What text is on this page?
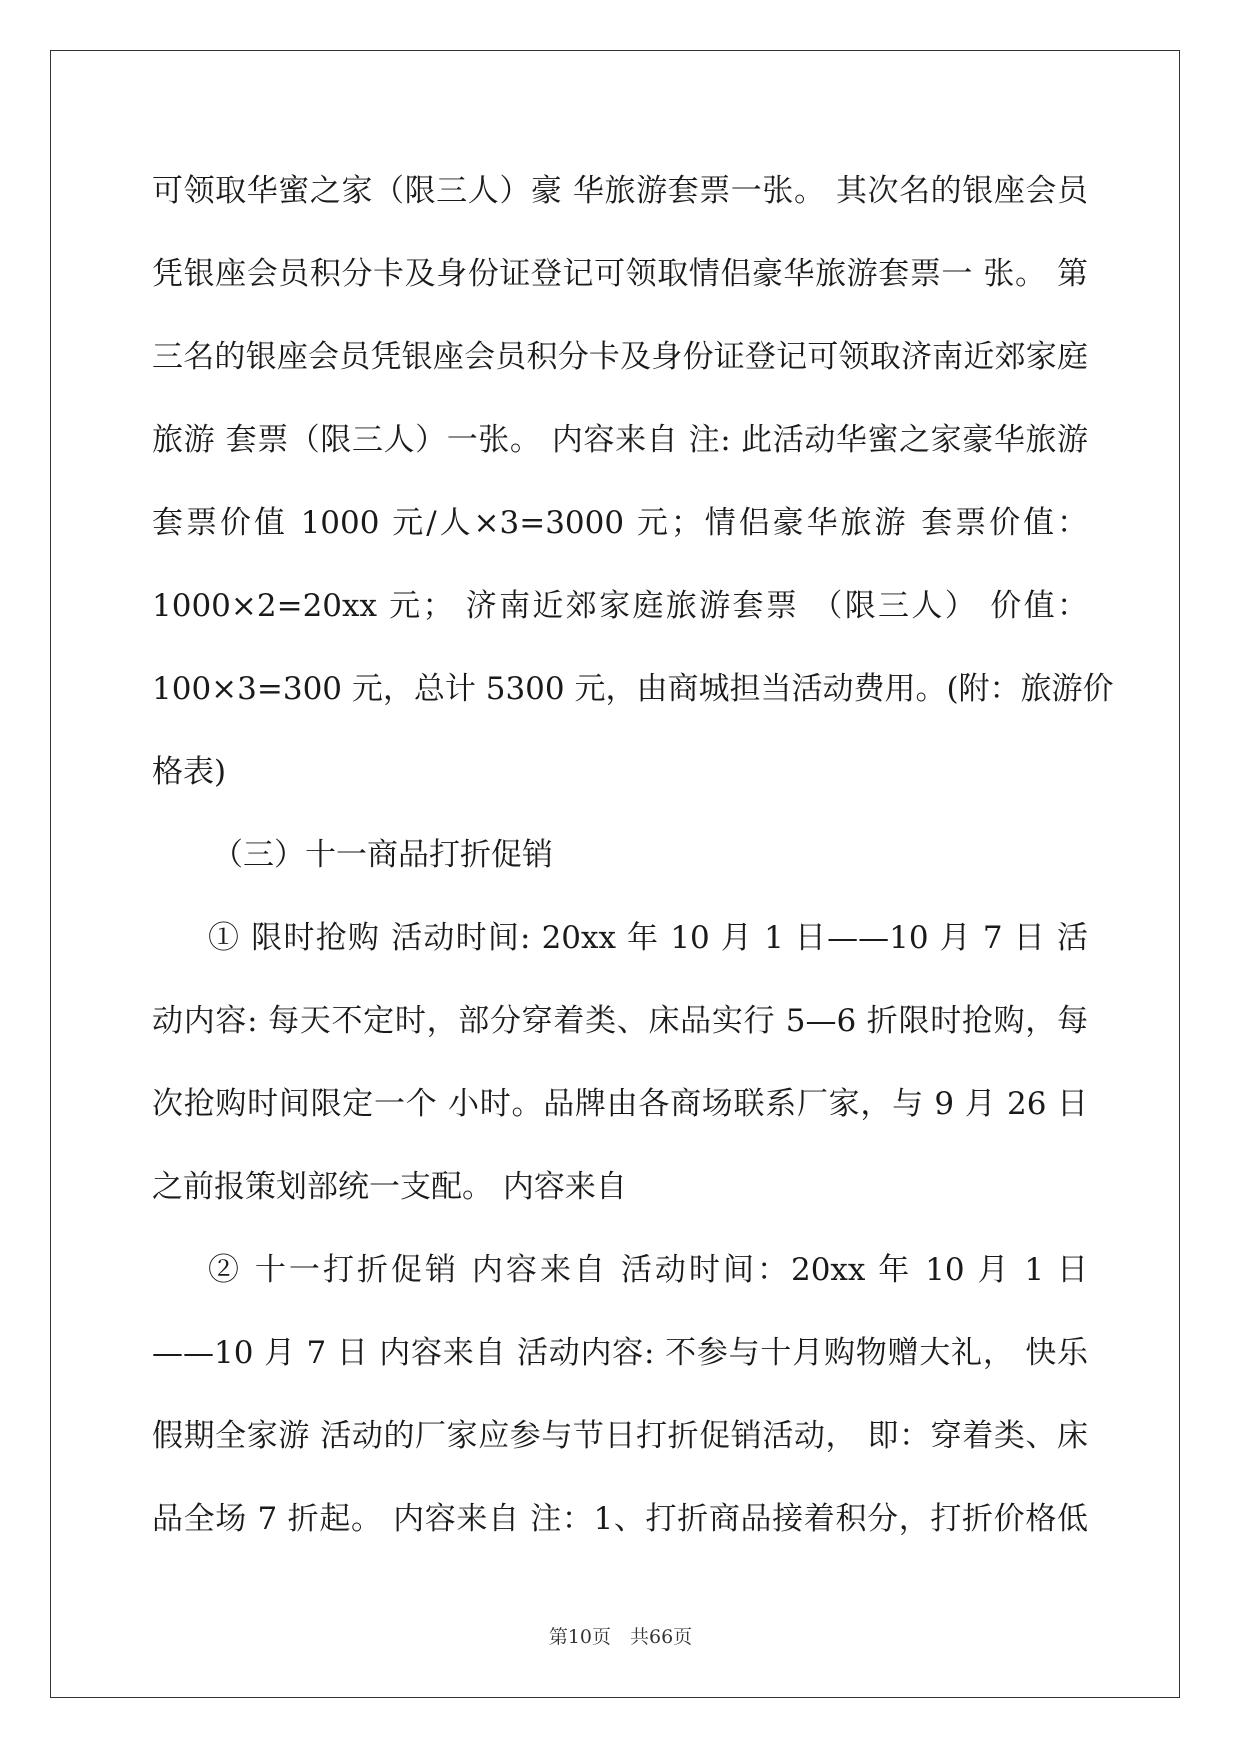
可领取华蜜之家（限三人）豪 华旅游套票一张。 其次名的银座会员
凭银座会员积分卡及身份证登记可领取情侣豪华旅游套票一 张。 第
三名的银座会员凭银座会员积分卡及身份证登记可领取济南近郊家庭
旅游 套票（限三人）一张。 内容来自 注: 此活动华蜜之家豪华旅游
套票价值 1000 元/人×3=3000 元；情侣豪华旅游 套票价值：
1000×2=20xx 元； 济南近郊家庭旅游套票 （限三人） 价值：
100×3=300 元，总计 5300 元，由商城担当活动费用。(附：旅游价
格表)
（三）十一商品打折促销
① 限时抢购 活动时间: 20xx 年 10 月 1 日——10 月 7 日 活
动内容: 每天不定时，部分穿着类、床品实行 5—6 折限时抢购，每
次抢购时间限定一个 小时。品牌由各商场联系厂家，与 9 月 26 日
之前报策划部统一支配。 内容来自
② 十一打折促销 内容来自 活动时间：20xx 年 10 月 1 日
——10 月 7 日 内容来自 活动内容: 不参与十月购物赠大礼， 快乐
假期全家游 活动的厂家应参与节日打折促销活动， 即：穿着类、床
品全场 7 折起。 内容来自 注：1、打折商品接着积分，打折价格低
第10页　共66页
